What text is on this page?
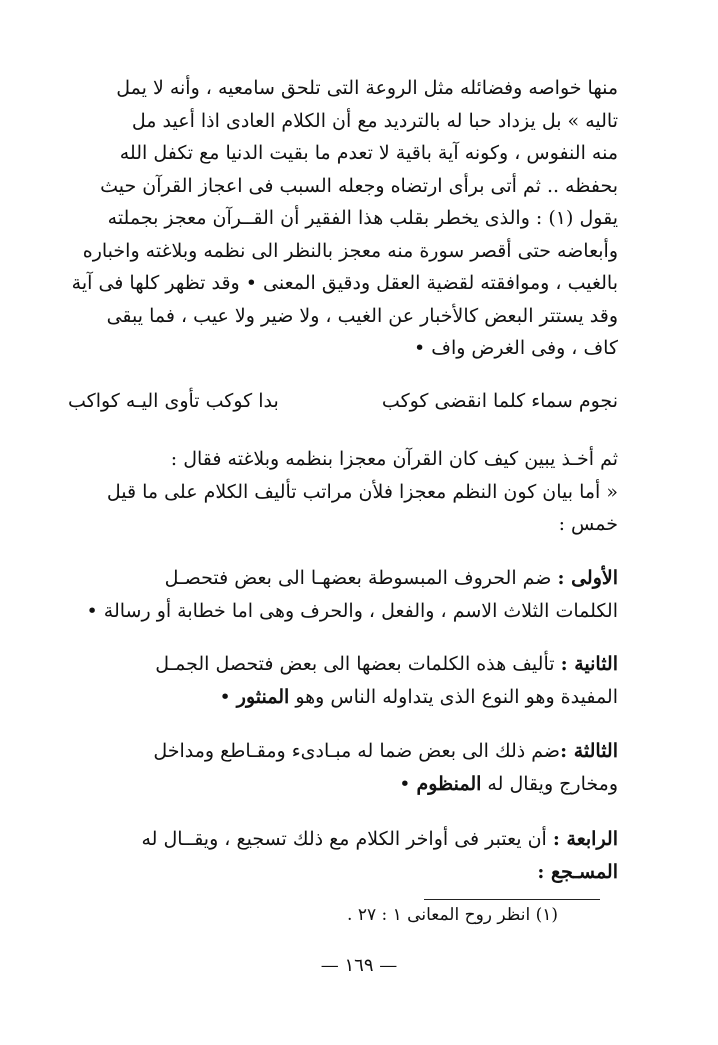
منها خواصه وفضائله مثل الروعة التى تلحق سامعيه ، وأنه لا يمل
تاليه » بل يزداد حبا له بالترديد مع أن الكلام العادى اذا أعيد مل
منه النفوس ، وكونه آية باقية لا تعدم ما بقيت الدنيا مع تكفل الله
بحفظه .. ثم أتى برأى ارتضاه وجعله السبب فى اعجاز القرآن حيث
يقول (١) : والذى يخطر بقلب هذا الفقير أن القــرآن معجز بجملته
وأبعاضه حتى أقصر سورة منه معجز بالنظر الى نظمه وبلاغته واخباره
بالغيب ، وموافقته لقضية العقل ودقيق المعنى • وقد تظهر كلها فى آية
وقد يستتر البعض كالأخبار عن الغيب ، ولا ضير ولا عيب ، فما يبقى
كاف ، وفى الغرض واف •
نجوم سماء كلما انقضى كوكب
بدا كوكب تأوى اليـه كواكب
ثم أخـذ يبين كيف كان القرآن معجزا بنظمه وبلاغته فقال :
« أما بيان كون النظم معجزا فلأن مراتب تأليف الكلام على ما قيل
خمس :
الأولى : ضم الحروف المبسوطة بعضهـا الى بعض فتحصـل
الكلمات الثلاث الاسم ، والفعل ، والحرف وهى اما خطابة أو رسالة •
الثانية : تأليف هذه الكلمات بعضها الى بعض فتحصل الجمـل
المفيدة وهو النوع الذى يتداوله الناس وهو المنثور •
الثالثة :ضم ذلك الى بعض ضما له مبـادىء ومقـاطع ومداخل
ومخارج ويقال له المنظوم •
الرابعة : أن يعتبر فى أواخر الكلام مع ذلك تسجيع ، ويقــال له
المسـجع :
(١) انظر روح المعانى ١ : ٢٧ .
— ١٦٩ —
